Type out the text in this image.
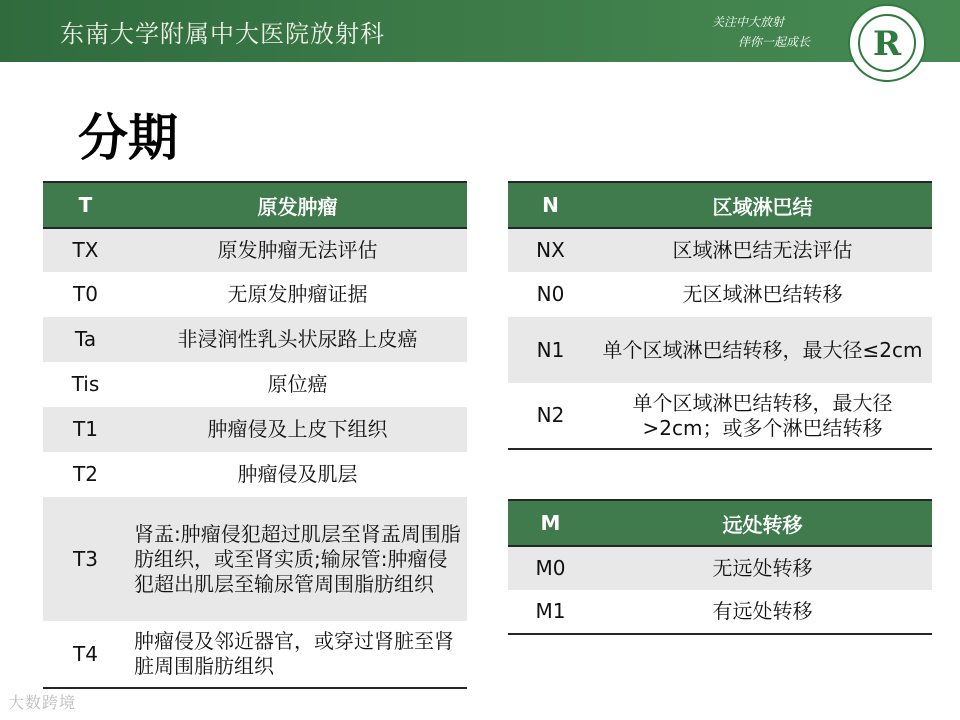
东南大学附属中大医院放射科	关注中大放射
伴你一起成长	R
分期
T	原发肿瘤
TX	原发肿瘤无法评估
T0	无原发肿瘤证据
Ta	非浸润性乳头状尿路上皮癌
Tis	原位癌
T1	肿瘤侵及上皮下组织
T2	肿瘤侵及肌层
T3	肾盂:肿瘤侵犯超过肌层至肾盂周围脂肪组织，或至肾实质;输尿管:肿瘤侵犯超出肌层至输尿管周围脂肪组织
T4	肿瘤侵及邻近器官，或穿过肾脏至肾脏周围脂肪组织
N	区域淋巴结
NX	区域淋巴结无法评估
N0	无区域淋巴结转移
N1	单个区域淋巴结转移，最大径≤2cm
N2	单个区域淋巴结转移，最大径>2cm；或多个淋巴结转移
M	远处转移
M0	无远处转移
M1	有远处转移
大数跨境
